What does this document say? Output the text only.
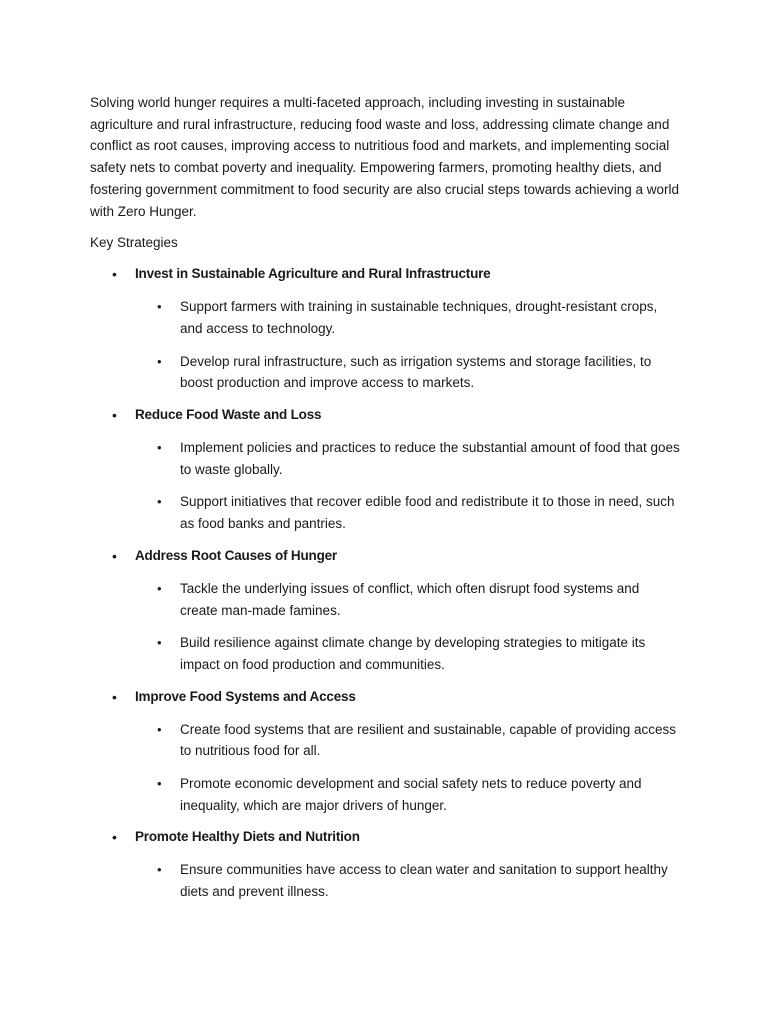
Solving world hunger requires a multi-faceted approach, including investing in sustainable agriculture and rural infrastructure, reducing food waste and loss, addressing climate change and conflict as root causes, improving access to nutritious food and markets, and implementing social safety nets to combat poverty and inequality. Empowering farmers, promoting healthy diets, and fostering government commitment to food security are also crucial steps towards achieving a world with Zero Hunger.

Key Strategies
• Invest in Sustainable Agriculture and Rural Infrastructure
• Support farmers with training in sustainable techniques, drought-resistant crops, and access to technology.
• Develop rural infrastructure, such as irrigation systems and storage facilities, to boost production and improve access to markets.
• Reduce Food Waste and Loss
• Implement policies and practices to reduce the substantial amount of food that goes to waste globally.
• Support initiatives that recover edible food and redistribute it to those in need, such as food banks and pantries.
• Address Root Causes of Hunger
• Tackle the underlying issues of conflict, which often disrupt food systems and create man-made famines.
• Build resilience against climate change by developing strategies to mitigate its impact on food production and communities.
• Improve Food Systems and Access
• Create food systems that are resilient and sustainable, capable of providing access to nutritious food for all.
• Promote economic development and social safety nets to reduce poverty and inequality, which are major drivers of hunger.
• Promote Healthy Diets and Nutrition
• Ensure communities have access to clean water and sanitation to support healthy diets and prevent illness.
